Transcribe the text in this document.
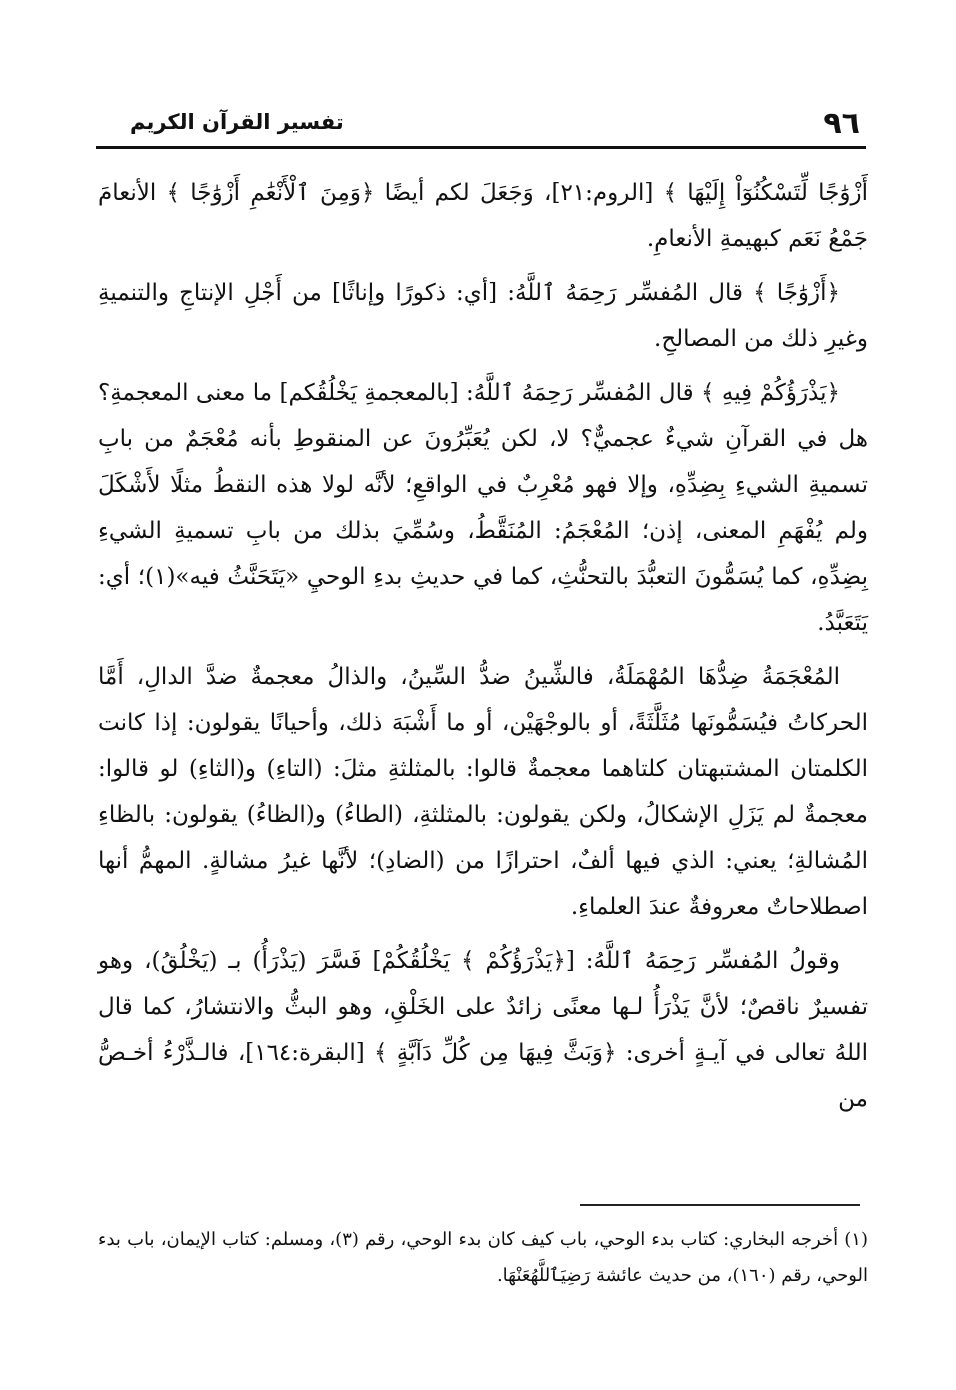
تفسير القرآن الكريم	٩٦

أَزْوَٰجًا لِّتَسْكُنُوٓاْ إِلَيْهَا ﴾ [الروم:٢١]، وَجَعَلَ لكم أيضًا ﴿وَمِنَ ٱلْأَنْعَٰمِ أَزْوَٰجًا ﴾ الأنعامَ جَمْعُ نَعَم كبهيمةِ الأنعامِ.

﴿أَزْوَٰجًا ﴾ قال المُفسِّر رَحِمَهُ ٱللَّهُ: [أي: ذكورًا وإناثًا] من أَجْلِ الإنتاجِ والتنميةِ وغيرِ ذلك من المصالحِ.

﴿يَذْرَؤُكُمْ فِيهِ ﴾ قال المُفسِّر رَحِمَهُ ٱللَّهُ: [بالمعجمةِ يَخْلُقُكم] ما معنى المعجمةِ؟ هل في القرآنِ شيءٌ عجميٌّ؟ لا، لكن يُعَبِّرُونَ عن المنقوطِ بأنه مُعْجَمٌ من بابِ تسميةِ الشيءِ بِضِدِّهِ، وإلا فهو مُعْرِبٌ في الواقعِ؛ لأنَّه لولا هذه النقطُ مثلًا لأَشْكَلَ ولم يُفْهَمِ المعنى، إذن؛ المُعْجَمُ: المُنَقَّطُ، وسُمِّيَ بذلك من بابِ تسميةِ الشيءِ بِضِدِّهِ، كما يُسَمُّونَ التعبُّدَ بالتحنُّثِ، كما في حديثِ بدءِ الوحيِ «يَتَحَنَّثُ فيه»(١)؛ أي: يَتَعَبَّدُ.

المُعْجَمَةُ ضِدُّهَا المُهْمَلَةُ، فالشِّينُ ضدُّ السِّينُ، والذالُ معجمةٌ ضدَّ الدالِ، أَمَّا الحركاتُ فيُسَمُّونَها مُثَلَّثَةً، أو بالوجْهَيْن، أو ما أَشْبَهَ ذلك، وأحيانًا يقولون: إذا كانت الكلمتان المشتبهتان كلتاهما معجمةٌ قالوا: بالمثلثةِ مثلَ: (التاءِ) و(الثاءِ) لو قالوا: معجمةٌ لم يَزَلِ الإشكالُ، ولكن يقولون: بالمثلثةِ، (الطاءُ) و(الظاءُ) يقولون: بالظاءِ المُشالةِ؛ يعني: الذي فيها ألفٌ، احترازًا من (الضادِ)؛ لأنَّها غيرُ مشالةٍ. المهمُّ أنها اصطلاحاتٌ معروفةٌ عندَ العلماءِ.

وقولُ المُفسِّر رَحِمَهُ ٱللَّهُ: [﴿يَذْرَؤُكُمْ ﴾ يَخْلُقُكُمْ] فَسَّرَ (يَذْرَأُ) بـ (يَخْلُقُ)، وهو تفسيرٌ ناقصٌ؛ لأنَّ يَذْرَأُ لـها معنًى زائدٌ على الخَلْقِ، وهو البثُّ والانتشارُ، كما قال اللهُ تعالى في آيـةٍ أخرى: ﴿وَبَثَّ فِيهَا مِن كُلِّ دَآبَّةٍ ﴾ [البقرة:١٦٤]، فالـذَّرْءُ أخـصُّ من

(١) أخرجه البخاري: كتاب بدء الوحي، باب كيف كان بدء الوحي، رقم (٣)، ومسلم: كتاب الإيمان، باب بدء الوحي، رقم (١٦٠)، من حديث عائشة رَضِيَٱللَّهُعَنْهَا.
